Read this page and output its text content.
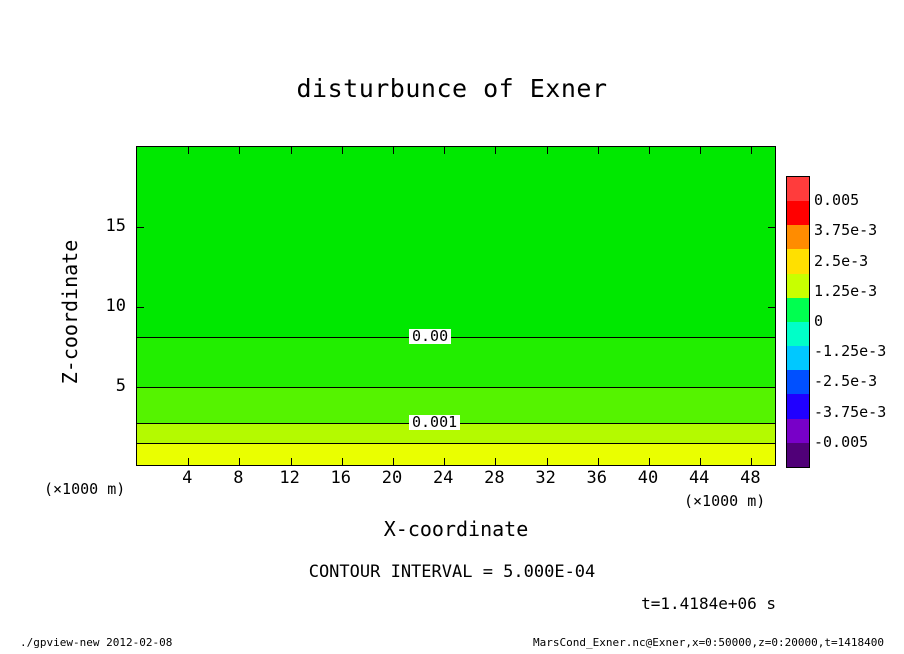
disturbunce of Exner
0.00
0.001
Z-coordinate
X-coordinate
(×1000 m)
(×1000 m)
CONTOUR INTERVAL = 5.000E-04
t=1.4184e+06 s
./gpview-new 2012-02-08	MarsCond_Exner.nc@Exner,x=0:50000,z=0:20000,t=1418400
4	8	12	16	20	24	28	32	36	40	44	48
5
10
15
0.005
3.75e-3
2.5e-3
1.25e-3
0
-1.25e-3
-2.5e-3
-3.75e-3
-0.005
